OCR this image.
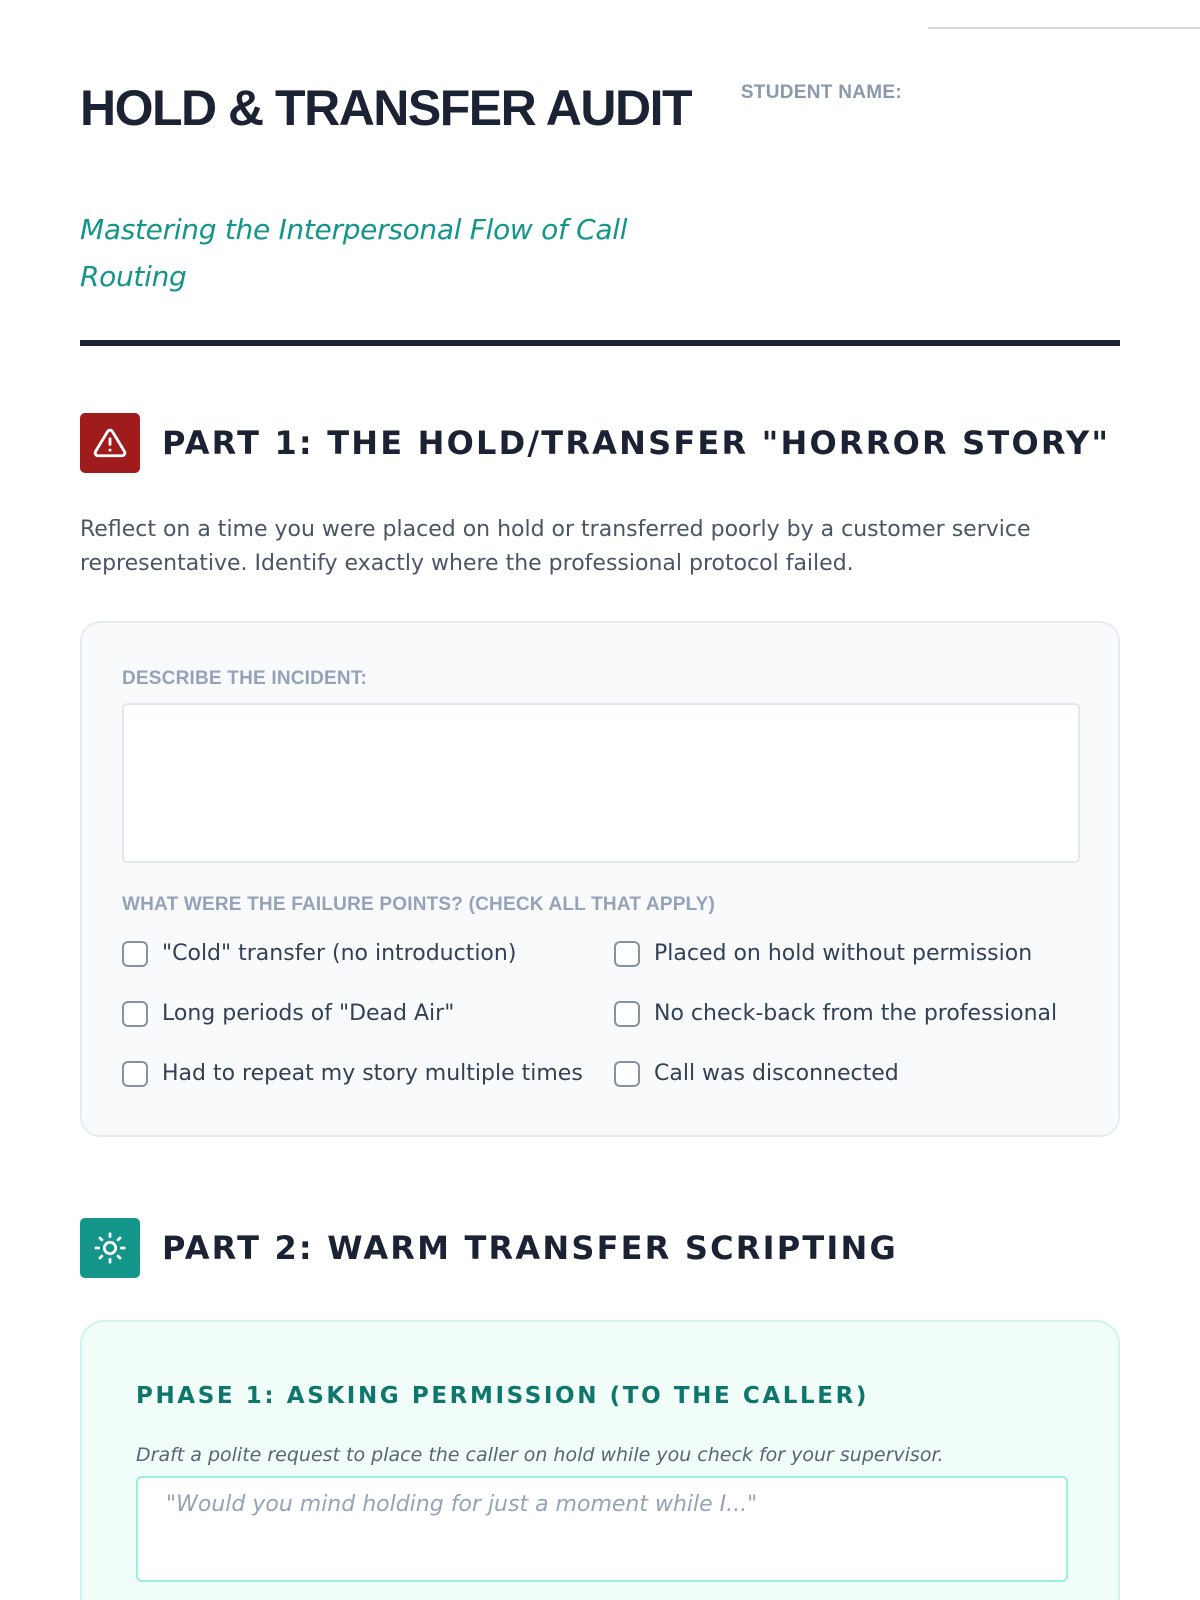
HOLD & TRANSFER AUDIT
Mastering the Interpersonal Flow of Call Routing
STUDENT NAME:
PART 1: THE HOLD/TRANSFER "HORROR STORY"
Reflect on a time you were placed on hold or transferred poorly by a customer service representative. Identify exactly where the professional protocol failed.
DESCRIBE THE INCIDENT:
WHAT WERE THE FAILURE POINTS? (CHECK ALL THAT APPLY)
"Cold" transfer (no introduction)	Placed on hold without permission
Long periods of "Dead Air"	No check-back from the professional
Had to repeat my story multiple times	Call was disconnected
PART 2: WARM TRANSFER SCRIPTING
PHASE 1: ASKING PERMISSION (TO THE CALLER)
Draft a polite request to place the caller on hold while you check for your supervisor.
"Would you mind holding for just a moment while I..."
